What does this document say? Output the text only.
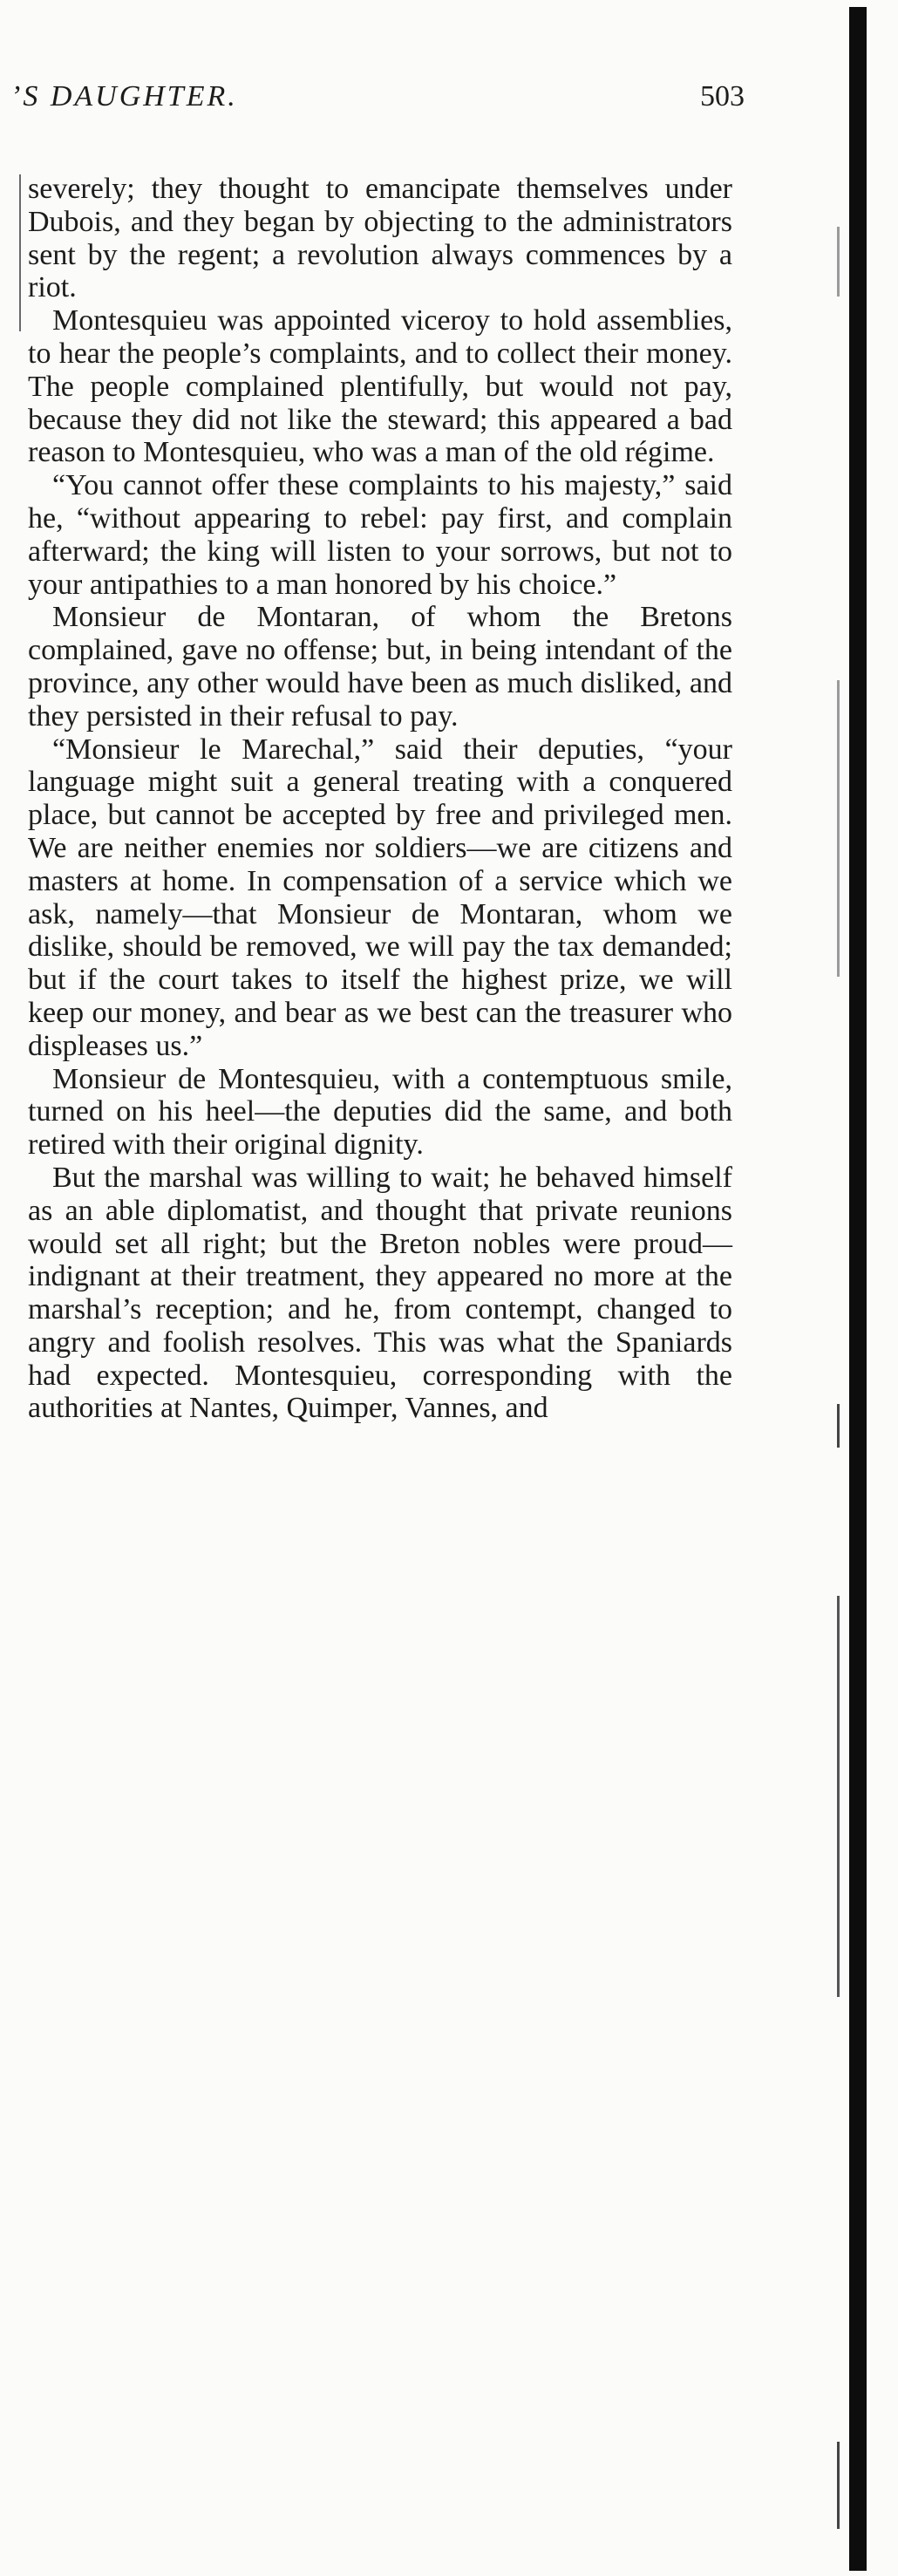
’S DAUGHTER.	503

severely; they thought to emancipate themselves under Dubois, and they began by objecting to the administrators sent by the regent; a revolution always commences by a riot.

Montesquieu was appointed viceroy to hold assemblies, to hear the people’s complaints, and to collect their money. The people complained plentifully, but would not pay, because they did not like the steward; this appeared a bad reason to Montesquieu, who was a man of the old régime.

“You cannot offer these complaints to his majesty,” said he, “without appearing to rebel: pay first, and complain afterward; the king will listen to your sorrows, but not to your antipathies to a man honored by his choice.”

Monsieur de Montaran, of whom the Bretons complained, gave no offense; but, in being intendant of the province, any other would have been as much disliked, and they persisted in their refusal to pay.

“Monsieur le Marechal,” said their deputies, “your language might suit a general treating with a conquered place, but cannot be accepted by free and privileged men. We are neither enemies nor soldiers—we are citizens and masters at home. In compensation of a service which we ask, namely—that Monsieur de Montaran, whom we dislike, should be removed, we will pay the tax demanded; but if the court takes to itself the highest prize, we will keep our money, and bear as we best can the treasurer who displeases us.”

Monsieur de Montesquieu, with a contemptuous smile, turned on his heel—the deputies did the same, and both retired with their original dignity.

But the marshal was willing to wait; he behaved himself as an able diplomatist, and thought that private reunions would set all right; but the Breton nobles were proud—indignant at their treatment, they appeared no more at the marshal’s reception; and he, from contempt, changed to angry and foolish resolves. This was what the Spaniards had expected. Montesquieu, corresponding with the authorities at Nantes, Quimper, Vannes, and
